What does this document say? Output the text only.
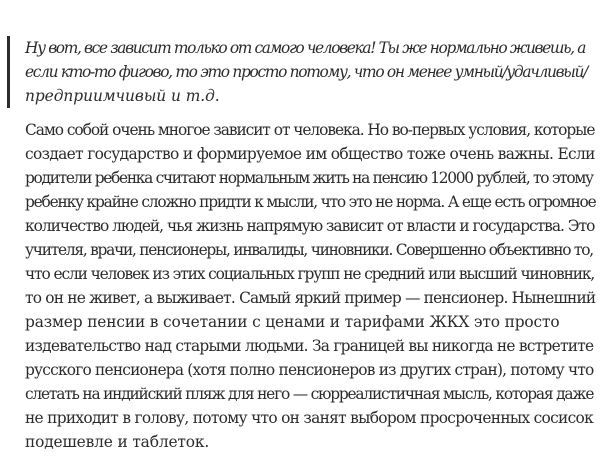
Ну вот, все зависит только от самого человека! Ты же нормально живешь, а
если кто-то фигово, то это просто потому, что он менее умный/удачливый/
предприимчивый и т.д.

Само собой очень многое зависит от человека. Но во-первых условия, которые
создает государство и формируемое им общество тоже очень важны. Если
родители ребенка считают нормальным жить на пенсию 12000 рублей, то этому
ребенку крайне сложно придти к мысли, что это не норма. А еще есть огромное
количество людей, чья жизнь напрямую зависит от власти и государства. Это
учителя, врачи, пенсионеры, инвалиды, чиновники. Совершенно объективно то,
что если человек из этих социальных групп не средний или высший чиновник,
то он не живет, а выживает. Самый яркий пример — пенсионер. Нынешний
размер пенсии в сочетании с ценами и тарифами ЖКХ это просто
издевательство над старыми людьми. За границей вы никогда не встретите
русского пенсионера (хотя полно пенсионеров из других стран), потому что
слетать на индийский пляж для него — сюрреалистичная мысль, которая даже
не приходит в голову, потому что он занят выбором просроченных сосисок
подешевле и таблеток.
